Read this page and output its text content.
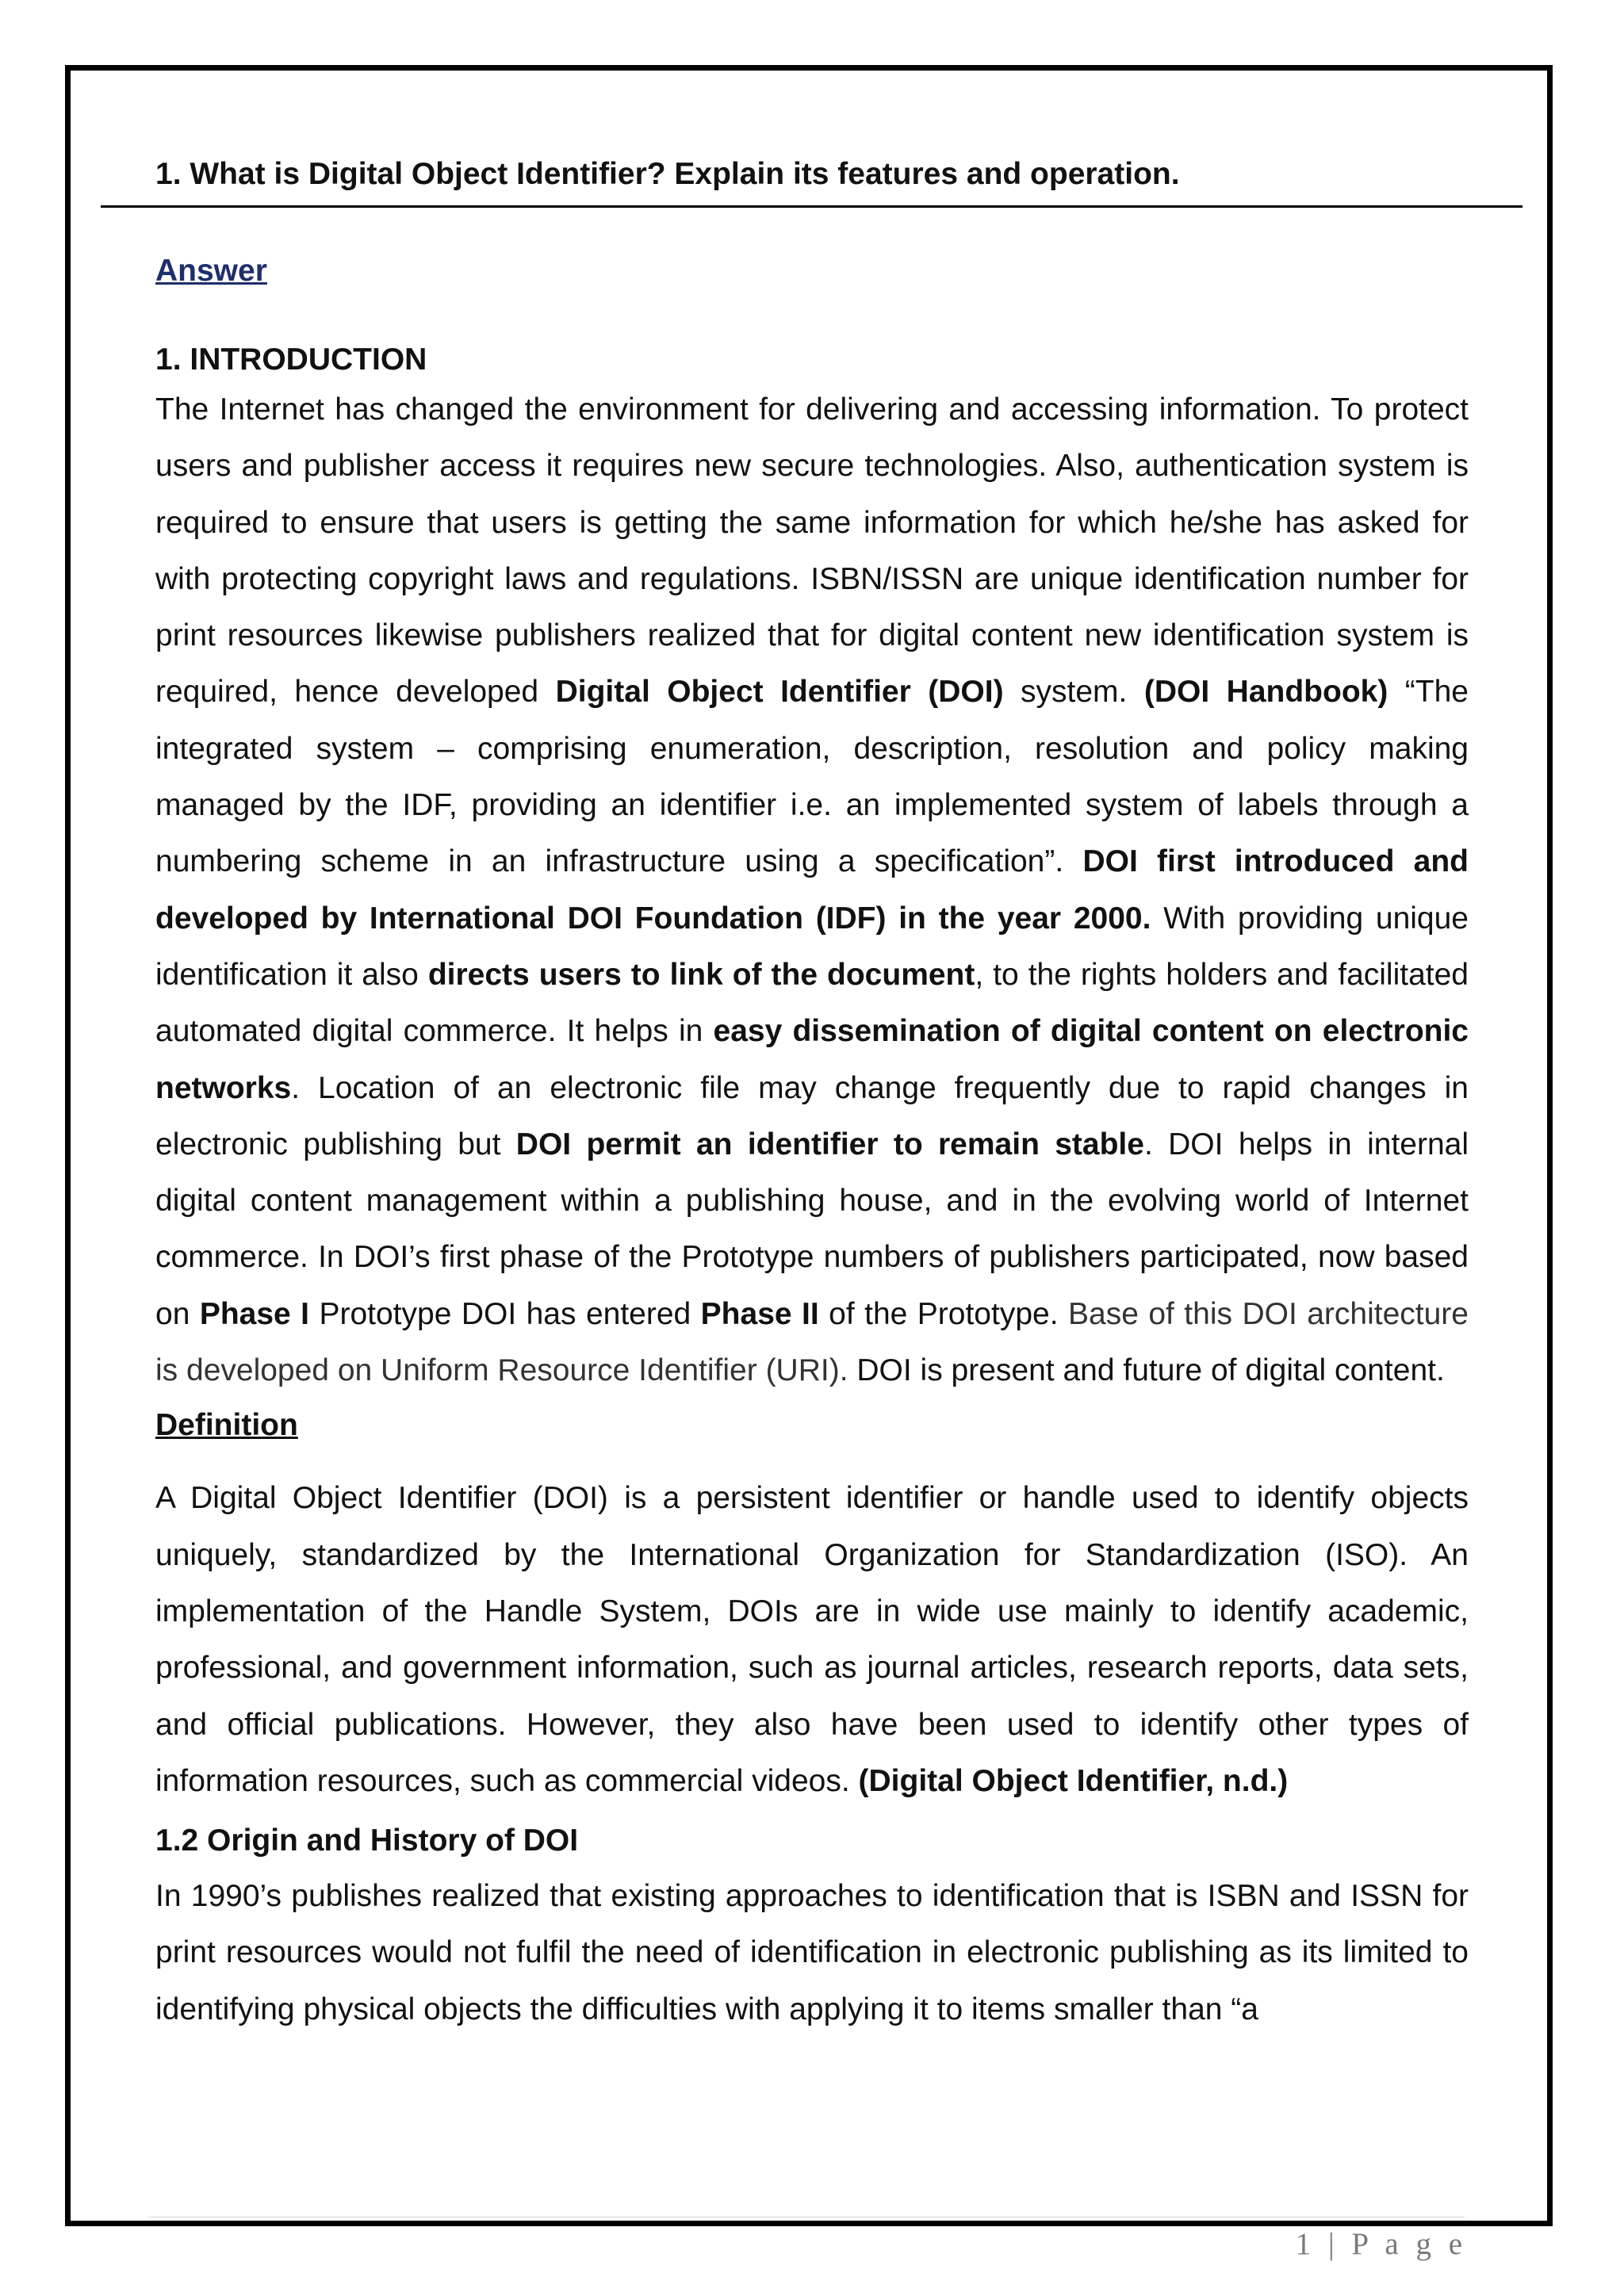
1. What is Digital Object Identifier? Explain its features and operation.
Answer

1. INTRODUCTION

The Internet has changed the environment for delivering and accessing information. To protect users and publisher access it requires new secure technologies. Also, authentication system is required to ensure that users is getting the same information for which he/she has asked for with protecting copyright laws and regulations. ISBN/ISSN are unique identification number for print resources likewise publishers realized that for digital content new identification system is required, hence developed Digital Object Identifier (DOI) system. (DOI Handbook) “The integrated system – comprising enumeration, description, resolution and policy making managed by the IDF, providing an identifier i.e. an implemented system of labels through a numbering scheme in an infrastructure using a specification”. DOI first introduced and developed by International DOI Foundation (IDF) in the year 2000. With providing unique identification it also directs users to link of the document, to the rights holders and facilitated automated digital commerce. It helps in easy dissemination of digital content on electronic networks. Location of an electronic file may change frequently due to rapid changes in electronic publishing but DOI permit an identifier to remain stable. DOI helps in internal digital content management within a publishing house, and in the evolving world of Internet commerce. In DOI’s first phase of the Prototype numbers of publishers participated, now based on Phase I Prototype DOI has entered Phase II of the Prototype. Base of this DOI architecture is developed on Uniform Resource Identifier (URI). DOI is present and future of digital content.

Definition

A Digital Object Identifier (DOI) is a persistent identifier or handle used to identify objects uniquely, standardized by the International Organization for Standardization (ISO). An implementation of the Handle System, DOIs are in wide use mainly to identify academic, professional, and government information, such as journal articles, research reports, data sets, and official publications. However, they also have been used to identify other types of information resources, such as commercial videos. (Digital Object Identifier, n.d.)

1.2 Origin and History of DOI

In 1990’s publishes realized that existing approaches to identification that is ISBN and ISSN for print resources would not fulfil the need of identification in electronic publishing as its limited to identifying physical objects the difficulties with applying it to items smaller than “a

1 | P a g e
